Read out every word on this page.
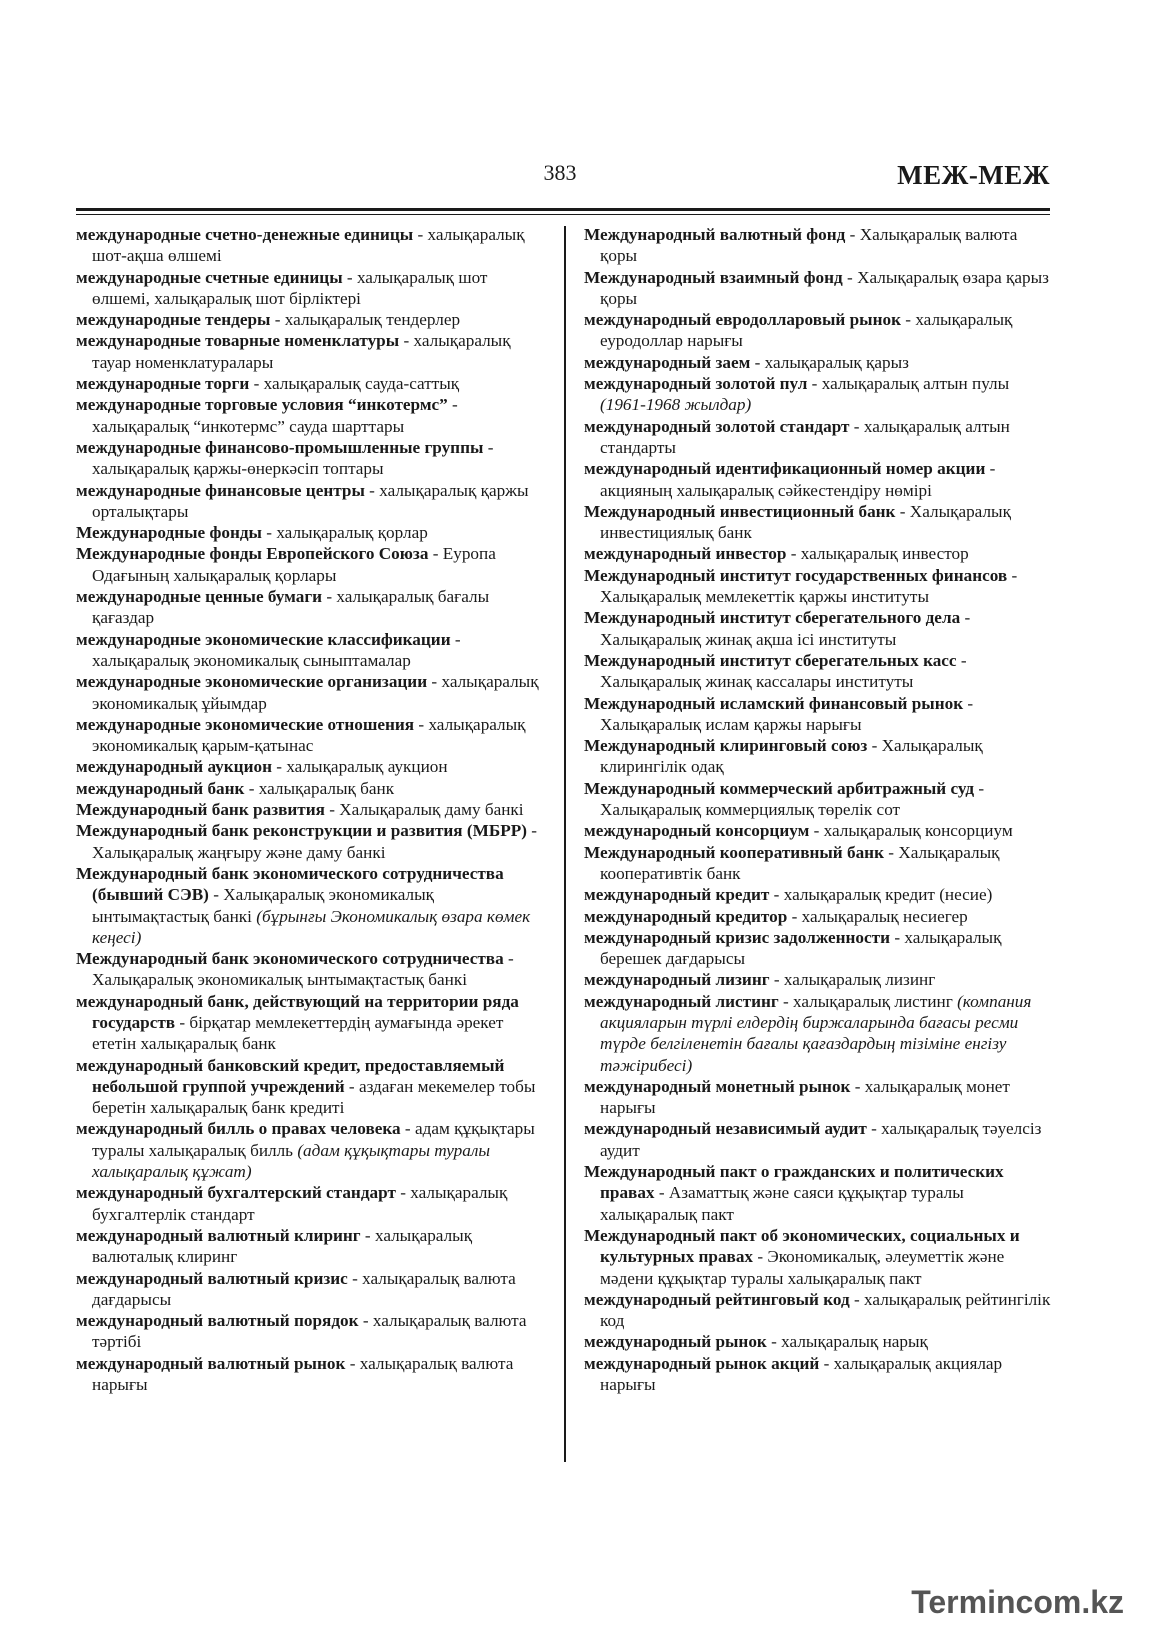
383	МЕЖ-МЕЖ
международные счетно-денежные единицы - халықаралық шот-ақша өлшемі
международные счетные единицы - халықаралық шот өлшемі, халықаралық шот бірліктері
международные тендеры - халықаралық тендерлер
международные товарные номенклатуры - халықаралық тауар номенклатуралары
международные торги - халықаралық сауда-саттық
международные торговые условия “инкотермс” - халықаралық “инкотермс” сауда шарттары
международные финансово-промышленные группы - халықаралық қаржы-өнеркәсіп топтары
международные финансовые центры - халықаралық қаржы орталықтары
Международные фонды - халықаралық қорлар
Международные фонды Европейского Союза - Еуропа Одағының халықаралық қорлары
международные ценные бумаги - халықаралық бағалы қағаздар
международные экономические классификации - халықаралық экономикалық сыныптамалар
международные экономические организации - халықаралық экономикалық ұйымдар
международные экономические отношения - халықаралық экономикалық қарым-қатынас
международный аукцион - халықаралық аукцион
международный банк - халықаралық банк
Международный банк развития - Халықаралық даму банкі
Международный банк реконструкции и развития (МБРР) - Халықаралық жаңғыру және даму банкі
Международный банк экономического сотрудничества (бывший СЭВ) - Халықаралық экономикалық ынтымақтастық банкі (бұрынғы Экономикалық өзара көмек кеңесі)
Международный банк экономического сотрудничества - Халықаралық экономикалық ынтымақтастық банкі
международный банк, действующий на территории ряда государств - бірқатар мемлекеттердің аумағында әрекет ететін халықаралық банк
международный банковский кредит, предоставляемый небольшой группой учреждений - аздаған мекемелер тобы беретін халықаралық банк кредиті
международный билль о правах человека - адам құқықтары туралы халықаралық билль (адам құқықтары туралы халықаралық құжат)
международный бухгалтерский стандарт - халықаралық бухгалтерлік стандарт
международный валютный клиринг - халықаралық валюталық клиринг
международный валютный кризис - халықаралық валюта дағдарысы
международный валютный порядок - халықаралық валюта тәртібі
международный валютный рынок - халықаралық валюта нарығы
Международный валютный фонд - Халықаралық валюта қоры
Международный взаимный фонд - Халықаралық өзара қарыз қоры
международный евродолларовый рынок - халықаралық еуродоллар нарығы
международный заем - халықаралық қарыз
международный золотой пул - халықаралық алтын пулы (1961-1968 жылдар)
международный золотой стандарт - халықаралық алтын стандарты
международный идентификационный номер акции - акцияның халықаралық сәйкестендіру нөмірі
Международный инвестиционный банк - Халықаралық инвестициялық банк
международный инвестор - халықаралық инвестор
Международный институт государственных финансов - Халықаралық мемлекеттік қаржы институты
Международный институт сберегательного дела - Халықаралық жинақ ақша ісі институты
Международный институт сберегательных касс - Халықаралық жинақ кассалары институты
Международный исламский финансовый рынок - Халықаралық ислам қаржы нарығы
Международный клиринговый союз - Халықаралық клирингілік одақ
Международный коммерческий арбитражный суд - Халықаралық коммерциялық төрелік сот
международный консорциум - халықаралық консорциум
Международный кооперативный банк - Халықаралық кооперативтік банк
международный кредит - халықаралық кредит (несие)
международный кредитор - халықаралық несиегер
международный кризис задолженности - халықаралық берешек дағдарысы
международный лизинг - халықаралық лизинг
международный листинг - халықаралық листинг (компания акцияларын түрлі елдердің биржаларында бағасы ресми түрде белгіленетін бағалы қағаздардың тізіміне енгізу тәжірибесі)
международный монетный рынок - халықаралық монет нарығы
международный независимый аудит - халықаралық тәуелсіз аудит
Международный пакт о гражданских и политических правах - Азаматтық және саяси құқықтар туралы халықаралық пакт
Международный пакт об экономических, социальных и культурных правах - Экономикалық, әлеуметтік және мәдени құқықтар туралы халықаралық пакт
международный рейтинговый код - халықаралық рейтингілік код
международный рынок - халықаралық нарық
международный рынок акций - халықаралық акциялар нарығы
Termincom.kz
